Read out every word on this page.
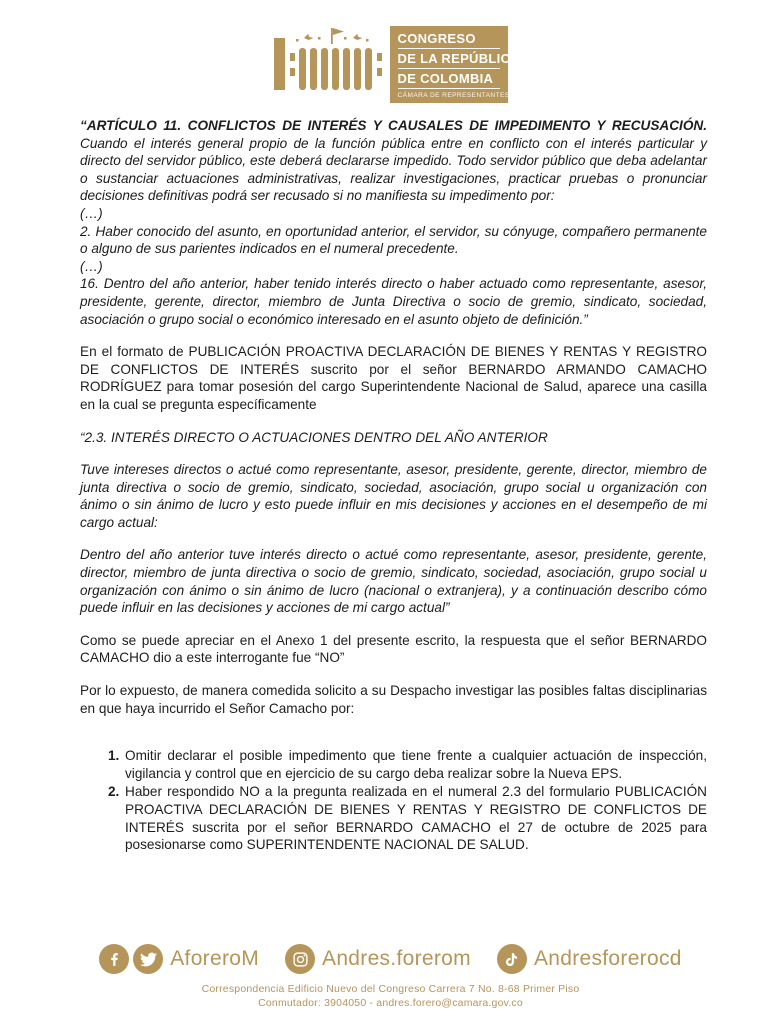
CONGRESO
DE LA REPÚBLICA
DE COLOMBIA
CÁMARA DE REPRESENTANTES

“ARTÍCULO 11. CONFLICTOS DE INTERÉS Y CAUSALES DE IMPEDIMENTO Y RECUSACIÓN. Cuando el interés general propio de la función pública entre en conflicto con el interés particular y directo del servidor público, este deberá declararse impedido. Todo servidor público que deba adelantar o sustanciar actuaciones administrativas, realizar investigaciones, practicar pruebas o pronunciar decisiones definitivas podrá ser recusado si no manifiesta su impedimento por:

(…)
2. Haber conocido del asunto, en oportunidad anterior, el servidor, su cónyuge, compañero permanente o alguno de sus parientes indicados en el numeral precedente.
(…)
16. Dentro del año anterior, haber tenido interés directo o haber actuado como representante, asesor, presidente, gerente, director, miembro de Junta Directiva o socio de gremio, sindicato, sociedad, asociación o grupo social o económico interesado en el asunto objeto de definición.”

En el formato de PUBLICACIÓN PROACTIVA DECLARACIÓN DE BIENES Y RENTAS Y REGISTRO DE CONFLICTOS DE INTERÉS suscrito por el señor BERNARDO ARMANDO CAMACHO RODRÍGUEZ para tomar posesión del cargo Superintendente Nacional de Salud, aparece una casilla en la cual se pregunta específicamente

“2.3. INTERÉS DIRECTO O ACTUACIONES DENTRO DEL AÑO ANTERIOR

Tuve intereses directos o actué como representante, asesor, presidente, gerente, director, miembro de junta directiva o socio de gremio, sindicato, sociedad, asociación, grupo social u organización con ánimo o sin ánimo de lucro y esto puede influir en mis decisiones y acciones en el desempeño de mi cargo actual:

Dentro del año anterior tuve interés directo o actué como representante, asesor, presidente, gerente, director, miembro de junta directiva o socio de gremio, sindicato, sociedad, asociación, grupo social u organización con ánimo o sin ánimo de lucro (nacional o extranjera), y a continuación describo cómo puede influir en las decisiones y acciones de mi cargo actual”

Como se puede apreciar en el Anexo 1 del presente escrito, la respuesta que el señor BERNARDO CAMACHO dio a este interrogante fue “NO”

Por lo expuesto, de manera comedida solicito a su Despacho investigar las posibles faltas disciplinarias en que haya incurrido el Señor Camacho por:

1. Omitir declarar el posible impedimento que tiene frente a cualquier actuación de inspección, vigilancia y control que en ejercicio de su cargo deba realizar sobre la Nueva EPS.
2. Haber respondido NO a la pregunta realizada en el numeral 2.3 del formulario PUBLICACIÓN PROACTIVA DECLARACIÓN DE BIENES Y RENTAS Y REGISTRO DE CONFLICTOS DE INTERÉS suscrita por el señor BERNARDO CAMACHO el 27 de octubre de 2025 para posesionarse como SUPERINTENDENTE NACIONAL DE SALUD.
AforeroM	Andres.forerom	Andresforerocd
Correspondencia Edificio Nuevo del Congreso Carrera 7 No. 8-68 Primer Piso
Conmutador: 3904050 - andres.forero@camara.gov.co
